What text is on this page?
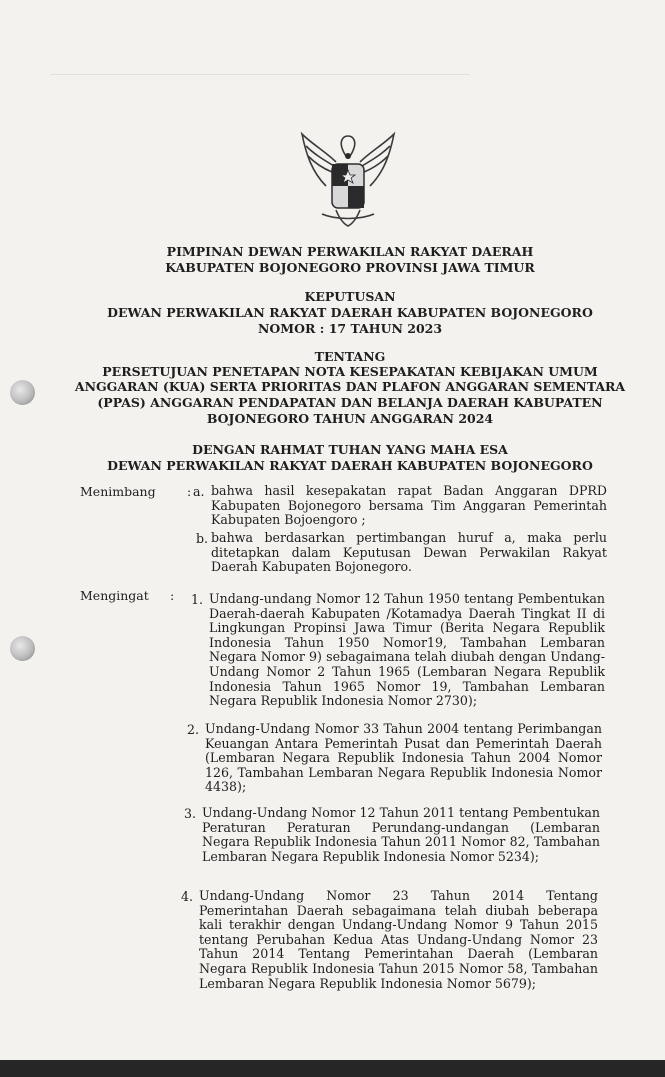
PIMPINAN DEWAN PERWAKILAN RAKYAT DAERAH
KABUPATEN BOJONEGORO PROVINSI JAWA TIMUR
KEPUTUSAN
DEWAN PERWAKILAN RAKYAT DAERAH KABUPATEN BOJONEGORO
NOMOR : 17 TAHUN 2023
TENTANG
PERSETUJUAN PENETAPAN NOTA KESEPAKATAN KEBIJAKAN UMUM
ANGGARAN (KUA) SERTA PRIORITAS DAN PLAFON ANGGARAN SEMENTARA
(PPAS) ANGGARAN PENDAPATAN DAN BELANJA DAERAH KABUPATEN
BOJONEGORO TAHUN ANGGARAN 2024
DENGAN RAHMAT TUHAN YANG MAHA ESA
DEWAN PERWAKILAN RAKYAT DAERAH KABUPATEN BOJONEGORO
Menimbang	: a. bahwa hasil kesepakatan rapat Badan Anggaran DPRD Kabupaten Bojonegoro bersama Tim Anggaran Pemerintah Kabupaten Bojoengoro ;
b. bahwa berdasarkan pertimbangan huruf a, maka perlu ditetapkan dalam Keputusan Dewan Perwakilan Rakyat Daerah Kabupaten Bojonegoro.
Mengingat : 1. Undang-undang Nomor 12 Tahun 1950 tentang Pembentukan Daerah-daerah Kabupaten /Kotamadya Daerah Tingkat II di Lingkungan Propinsi Jawa Timur (Berita Negara Republik Indonesia Tahun 1950 Nomor19, Tambahan Lembaran Negara Nomor 9) sebagaimana telah diubah dengan Undang-Undang Nomor 2 Tahun 1965 (Lembaran Negara Republik Indonesia Tahun 1965 Nomor 19, Tambahan Lembaran Negara Republik Indonesia Nomor 2730);
2. Undang-Undang Nomor 33 Tahun 2004 tentang Perimbangan Keuangan Antara Pemerintah Pusat dan Pemerintah Daerah (Lembaran Negara Republik Indonesia Tahun 2004 Nomor 126, Tambahan Lembaran Negara Republik Indonesia Nomor 4438);
3. Undang-Undang Nomor 12 Tahun 2011 tentang Pembentukan Peraturan Peraturan Perundang-undangan (Lembaran Negara Republik Indonesia Tahun 2011 Nomor 82, Tambahan Lembaran Negara Republik Indonesia Nomor 5234);
4. Undang-Undang Nomor 23 Tahun 2014 Tentang Pemerintahan Daerah sebagaimana telah diubah beberapa kali terakhir dengan Undang-Undang Nomor 9 Tahun 2015 tentang Perubahan Kedua Atas Undang-Undang Nomor 23 Tahun 2014 Tentang Pemerintahan Daerah (Lembaran Negara Republik Indonesia Tahun 2015 Nomor 58, Tambahan Lembaran Negara Republik Indonesia Nomor 5679);
